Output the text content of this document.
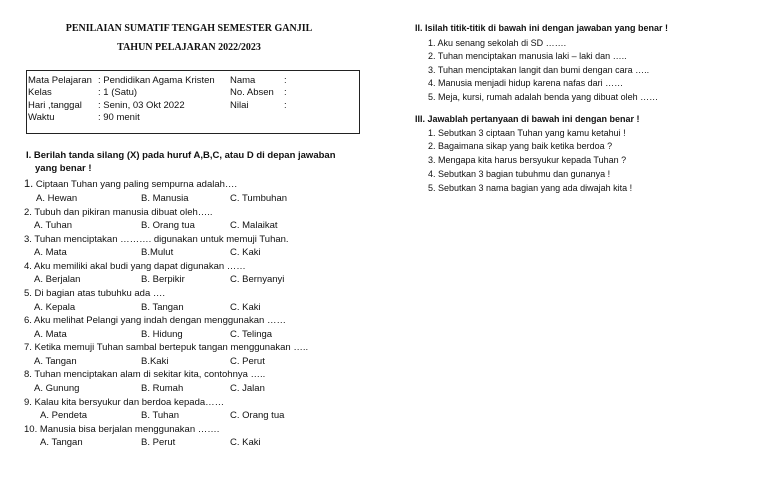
PENILAIAN SUMATIF TENGAH SEMESTER GANJIL
TAHUN PELAJARAN 2022/2023
Mata Pelajaran : Pendidikan Agama Kristen
Kelas	: 1 (Satu)
Hari ,tanggal : Senin, 03 Okt 2022
Waktu	: 90 menit
Nama	:
No. Absen :
Nilai	:
I. Berilah tanda silang (X) pada huruf A,B,C, atau D di depan jawaban
yang benar !
1. Ciptaan Tuhan yang paling sempurna adalah….
A. Hewan	B. Manusia	C. Tumbuhan
2. Tubuh dan pikiran manusia dibuat oleh…..
A. Tuhan	B. Orang tua	C. Malaikat
3. Tuhan menciptakan ………. digunakan untuk memuji Tuhan.
A. Mata	B.Mulut	C. Kaki
4. Aku memiliki akal budi yang dapat digunakan ……
A. Berjalan	B. Berpikir	C. Bernyanyi
5. Di bagian atas tubuhku ada ….
A. Kepala	B. Tangan	C. Kaki
6. Aku melihat Pelangi yang indah dengan menggunakan ……
A. Mata	B. Hidung	C. Telinga
7. Ketika memuji Tuhan sambal bertepuk tangan menggunakan …..
A. Tangan	B.Kaki	C. Perut
8. Tuhan menciptakan alam di sekitar kita, contohnya …..
A. Gunung	B. Rumah	C. Jalan
9. Kalau kita bersyukur dan berdoa kepada……
A. Pendeta	B. Tuhan	C. Orang tua
10. Manusia bisa berjalan menggunakan …….
A. Tangan	B. Perut	C. Kaki
II. Isilah titik-titik di bawah ini dengan jawaban yang benar !
1. Aku senang sekolah di SD …….
2. Tuhan menciptakan manusia laki – laki dan …..
3. Tuhan menciptakan langit dan bumi dengan cara …..
4. Manusia menjadi hidup karena nafas dari ……
5. Meja, kursi, rumah adalah benda yang dibuat oleh ……
III. Jawablah pertanyaan di bawah ini dengan benar !
1. Sebutkan 3 ciptaan Tuhan yang kamu ketahui !
2. Bagaimana sikap yang baik ketika berdoa ?
3. Mengapa kita harus bersyukur kepada Tuhan ?
4. Sebutkan 3 bagian tubuhmu dan gunanya !
5. Sebutkan 3 nama bagian yang ada diwajah kita !
